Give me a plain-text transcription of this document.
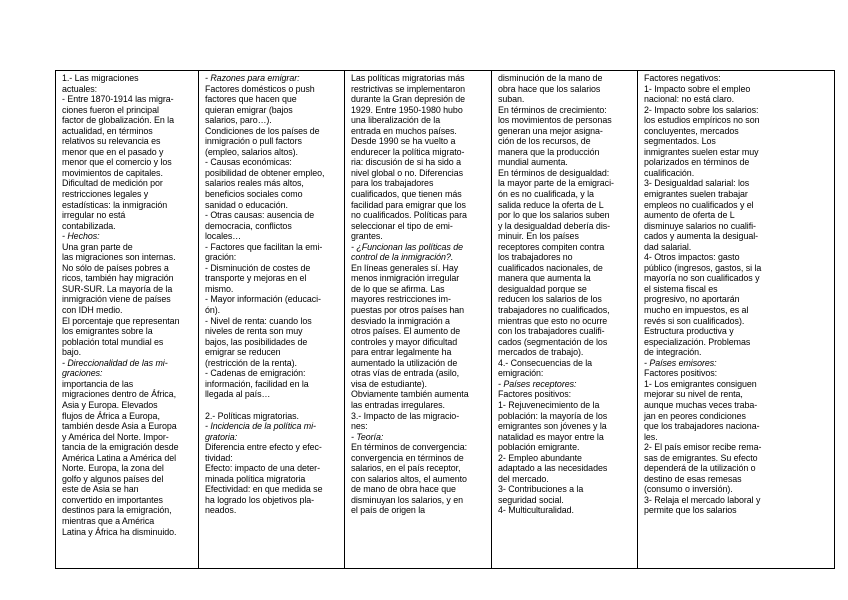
1.- Las migraciones
actuales:
- Entre 1870-1914 las migra-
ciones fueron el principal
factor de globalización. En la
actualidad, en términos
relativos su relevancia es
menor que en el pasado y
menor que el comercio y los
movimientos de capitales.
Dificultad de medición por
restricciones legales y
estadísticas: la inmigración
irregular no está
contabilizada.
- Hechos:
Una gran parte de
las migraciones son internas.
No sólo de países pobres a
ricos, también hay migración
SUR-SUR. La mayoría de la
inmigración viene de países
con IDH medio.
El porcentaje que representan
los emigrantes sobre la
población total mundial es
bajo.
- Direccionalidad de las mi-
graciones:
importancia de las
migraciones dentro de África,
Asia y Europa. Elevados
flujos de África a Europa,
también desde Asia a Europa
y América del Norte. Impor-
tancia de la emigración desde
América Latina a América del
Norte. Europa, la zona del
golfo y algunos países del
este de Asia se han
convertido en importantes
destinos para la emigración,
mientras que a América
Latina y África ha disminuido.

- Razones para emigrar:
Factores domésticos o push
factores que hacen que
quieran emigrar (bajos
salarios, paro…).
Condiciones de los países de
inmigración o pull factors
(empleo, salarios altos).
- Causas económicas:
posibilidad de obtener empleo,
salarios reales más altos,
beneficios sociales como
sanidad o educación.
- Otras causas: ausencia de
democracia, conflictos
locales…
- Factores que facilitan la emi-
gración:
- Disminución de costes de
transporte y mejoras en el
mismo.
- Mayor información (educaci-
ón).
- Nivel de renta: cuando los
niveles de renta son muy
bajos, las posibilidades de
emigrar se reducen
(restricción de la renta).
- Cadenas de emigración:
información, facilidad en la
llegada al país…

2.- Políticas migratorias.
- Incidencia de la política mi-
gratoria:
Diferencia entre efecto y efec-
tividad:
Efecto: impacto de una deter-
minada política migratoria
Efectividad: en que medida se
ha logrado los objetivos pla-
neados.

Las políticas migratorias más
restrictivas se implementaron
durante la Gran depresión de
1929. Entre 1950-1980 hubo
una liberalización de la
entrada en muchos países.
Desde 1990 se ha vuelto a
endurecer la política migrato-
ria: discusión de si ha sido a
nivel global o no. Diferencias
para los trabajadores
cualificados, que tienen más
facilidad para emigrar que los
no cualificados. Políticas para
seleccionar el tipo de emi-
grantes.
- ¿Funcionan las políticas de
control de la inmigración?.
En líneas generales sí. Hay
menos inmigración irregular
de lo que se afirma. Las
mayores restricciones im-
puestas por otros países han
desviado la inmigración a
otros países. El aumento de
controles y mayor dificultad
para entrar legalmente ha
aumentado la utilización de
otras vías de entrada (asilo,
visa de estudiante).
Obviamente también aumenta
las entradas irregulares.
3.- Impacto de las migracio-
nes:
- Teoría:
En términos de convergencia:
convergencia en términos de
salarios, en el país receptor,
con salarios altos, el aumento
de mano de obra hace que
disminuyan los salarios, y en
el país de origen la

disminución de la mano de
obra hace que los salarios
suban.
En términos de crecimiento:
los movimientos de personas
generan una mejor asigna-
ción de los recursos, de
manera que la producción
mundial aumenta.
En términos de desigualdad:
la mayor parte de la emigraci-
ón es no cualificada, y la
salida reduce la oferta de L
por lo que los salarios suben
y la desigualdad debería dis-
minuir. En los países
receptores compiten contra
los trabajadores no
cualificados nacionales, de
manera que aumenta la
desigualdad porque se
reducen los salarios de los
trabajadores no cualificados,
mientras que esto no ocurre
con los trabajadores cualifi-
cados (segmentación de los
mercados de trabajo).
4.- Consecuencias de la
emigración:
- Países receptores:
Factores positivos:
1- Rejuvenecimiento de la
población: la mayoría de los
emigrantes son jóvenes y la
natalidad es mayor entre la
población emigrante.
2- Empleo abundante
adaptado a las necesidades
del mercado.
3- Contribuciones a la
seguridad social.
4- Multiculturalidad.

Factores negativos:
1- Impacto sobre el empleo
nacional: no está claro.
2- Impacto sobre los salarios:
los estudios empíricos no son
concluyentes, mercados
segmentados. Los
inmigrantes suelen estar muy
polarizados en términos de
cualificación.
3- Desigualdad salarial: los
emigrantes suelen trabajar
empleos no cualificados y el
aumento de oferta de L
disminuye salarios no cualifi-
cados y aumenta la desigual-
dad salarial.
4- Otros impactos: gasto
público (ingresos, gastos, si la
mayoría no son cualificados y
el sistema fiscal es
progresivo, no aportarán
mucho en impuestos, es al
revés si son cualificados).
Estructura productiva y
especialización. Problemas
de integración.
- Países emisores:
Factores positivos:
1- Los emigrantes consiguen
mejorar su nivel de renta,
aunque muchas veces traba-
jan en peores condiciones
que los trabajadores naciona-
les.
2- El país emisor recibe rema-
sas de emigrantes. Su efecto
dependerá de la utilización o
destino de esas remesas
(consumo o inversión).
3- Relaja el mercado laboral y
permite que los salarios
